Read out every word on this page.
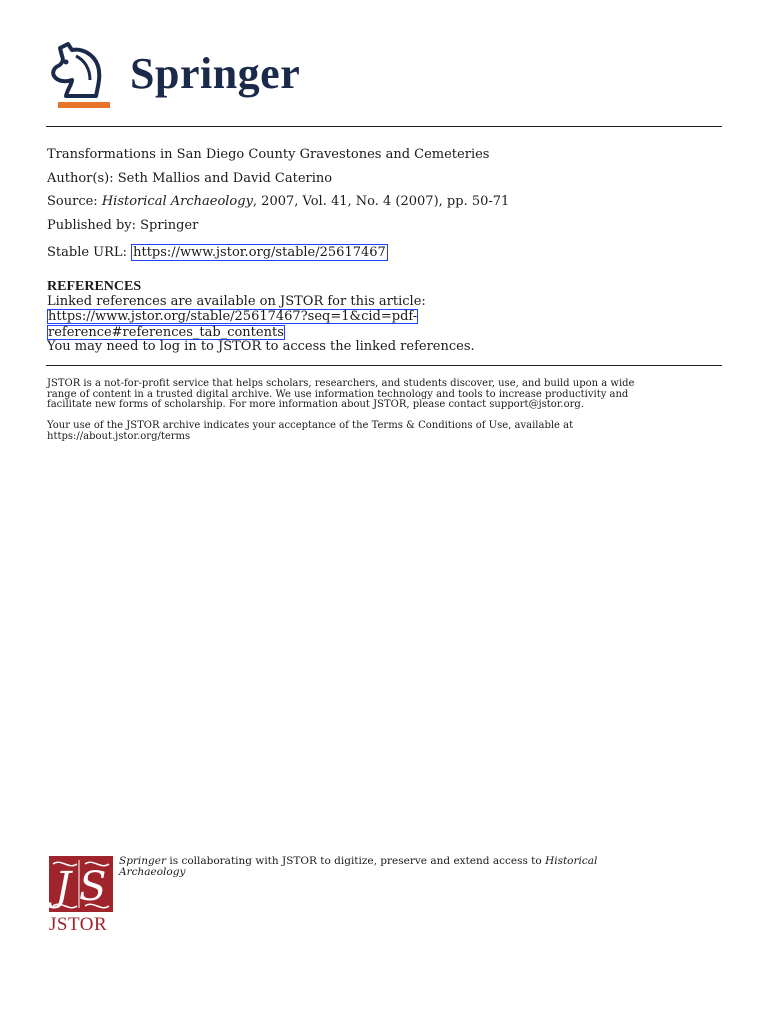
Springer
Transformations in San Diego County Gravestones and Cemeteries
Author(s): Seth Mallios and David Caterino
Source: Historical Archaeology, 2007, Vol. 41, No. 4 (2007), pp. 50-71
Published by: Springer
Stable URL: https://www.jstor.org/stable/25617467
REFERENCES
Linked references are available on JSTOR for this article:
https://www.jstor.org/stable/25617467?seq=1&cid=pdf-
reference#references_tab_contents
You may need to log in to JSTOR to access the linked references.
JSTOR is a not-for-profit service that helps scholars, researchers, and students discover, use, and build upon a wide
range of content in a trusted digital archive. We use information technology and tools to increase productivity and
facilitate new forms of scholarship. For more information about JSTOR, please contact support@jstor.org.
Your use of the JSTOR archive indicates your acceptance of the Terms & Conditions of Use, available at
https://about.jstor.org/terms
J S
JSTOR
Springer is collaborating with JSTOR to digitize, preserve and extend access to Historical
Archaeology
